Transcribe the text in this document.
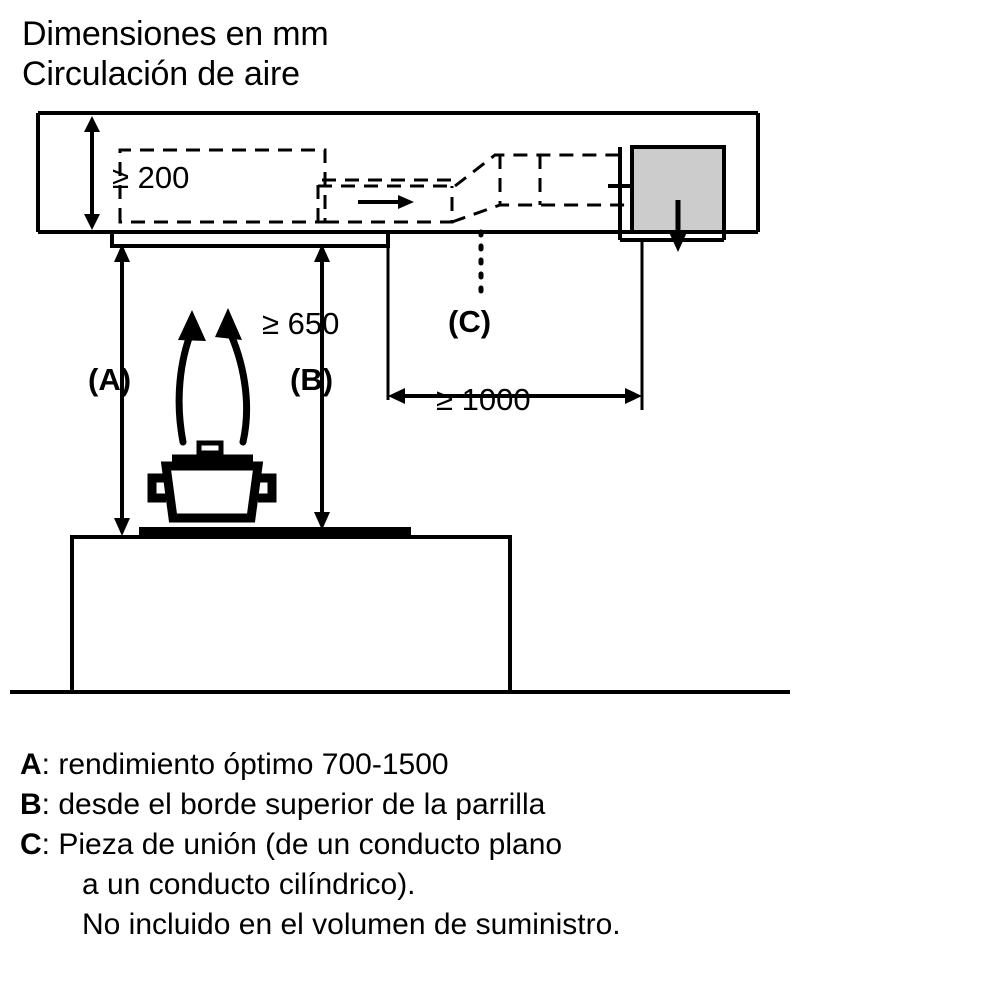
Dimensiones en mm
Circulación de aire
≥ 200
≥ 650
≥ 1000
(A)	(B)
(C)
A: rendimiento óptimo 700-1500
B: desde el borde superior de la parrilla
C: Pieza de unión (de un conducto plano
a un conducto cilíndrico).
No incluido en el volumen de suministro.
